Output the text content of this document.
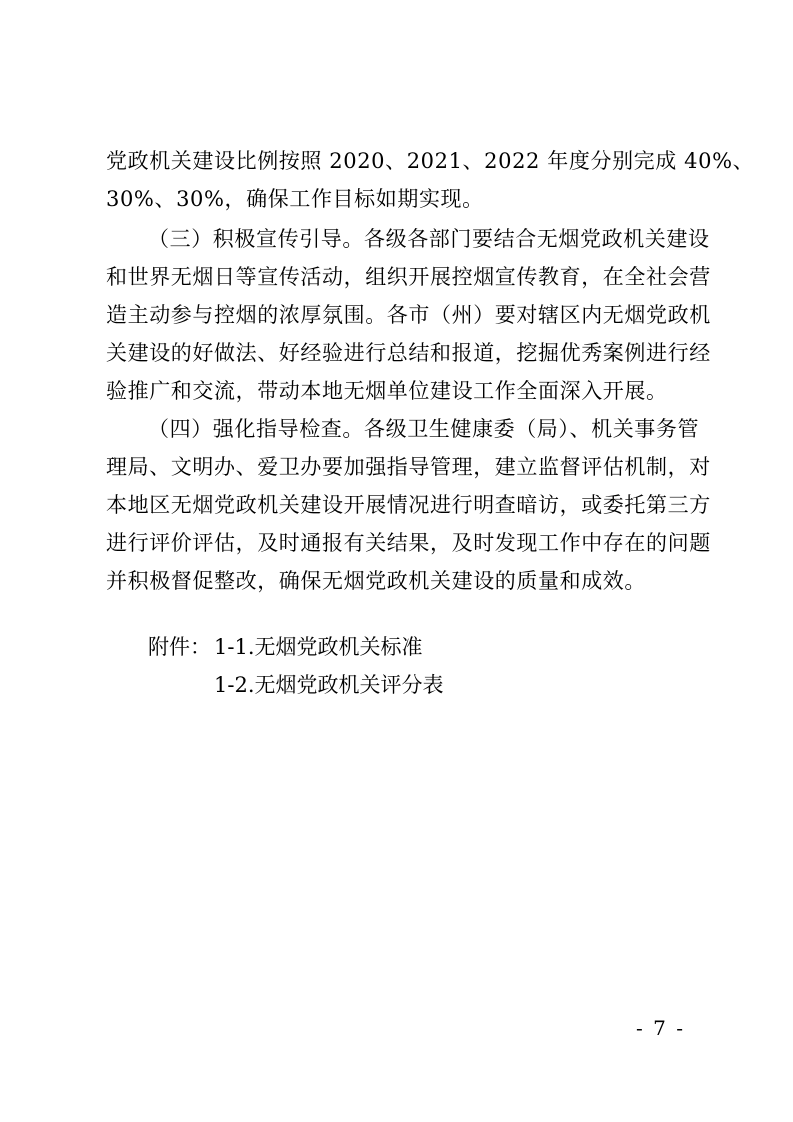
党政机关建设比例按照 2020、2021、2022 年度分别完成 40%、
30%、30%，确保工作目标如期实现。
（三）积极宣传引导。各级各部门要结合无烟党政机关建设
和世界无烟日等宣传活动，组织开展控烟宣传教育，在全社会营
造主动参与控烟的浓厚氛围。各市（州）要对辖区内无烟党政机
关建设的好做法、好经验进行总结和报道，挖掘优秀案例进行经
验推广和交流，带动本地无烟单位建设工作全面深入开展。
（四）强化指导检查。各级卫生健康委（局）、机关事务管
理局、文明办、爱卫办要加强指导管理，建立监督评估机制，对
本地区无烟党政机关建设开展情况进行明查暗访，或委托第三方
进行评价评估，及时通报有关结果，及时发现工作中存在的问题
并积极督促整改，确保无烟党政机关建设的质量和成效。
附件： 1-1.无烟党政机关标准
1-2.无烟党政机关评分表
- 7 -
